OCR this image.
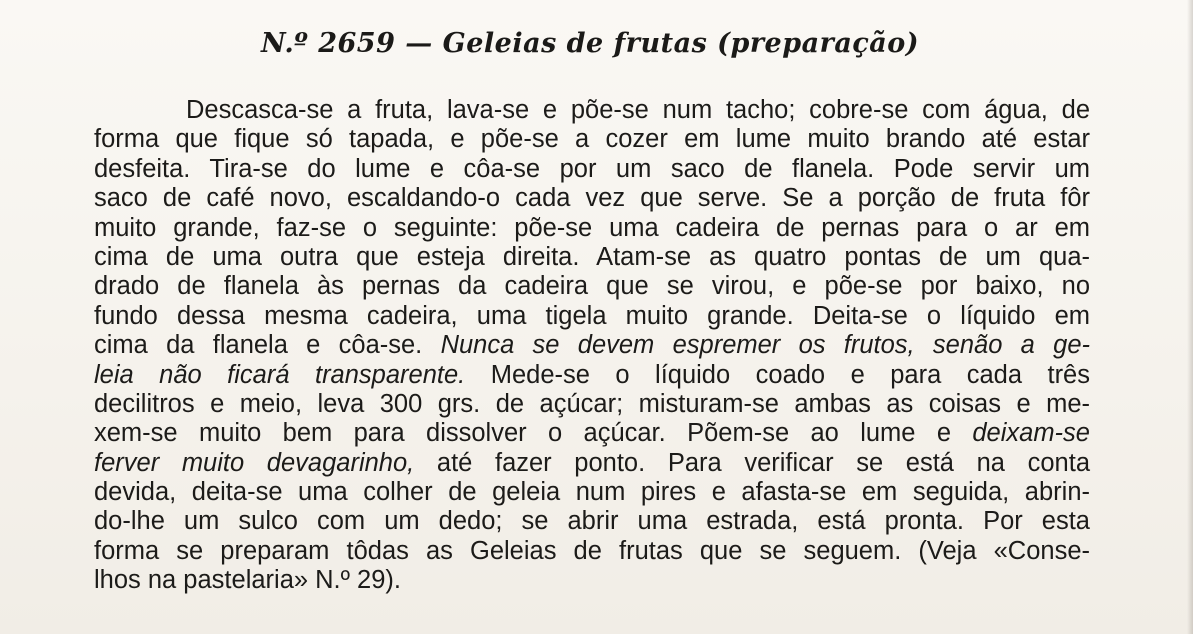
N.º 2659 — Geleias de frutas (preparação)
Descasca-se a fruta, lava-se e põe-se num tacho; cobre-se com água, de
forma que fique só tapada, e põe-se a cozer em lume muito brando até estar
desfeita. Tira-se do lume e côa-se por um saco de flanela. Pode servir um
saco de café novo, escaldando-o cada vez que serve. Se a porção de fruta fôr
muito grande, faz-se o seguinte: põe-se uma cadeira de pernas para o ar em
cima de uma outra que esteja direita. Atam-se as quatro pontas de um qua-
drado de flanela às pernas da cadeira que se virou, e põe-se por baixo, no
fundo dessa mesma cadeira, uma tigela muito grande. Deita-se o líquido em
cima da flanela e côa-se. Nunca se devem espremer os frutos, senão a ge-
leia não ficará transparente. Mede-se o líquido coado e para cada três
decilitros e meio, leva 300 grs. de açúcar; misturam-se ambas as coisas e me-
xem-se muito bem para dissolver o açúcar. Põem-se ao lume e deixam-se
ferver muito devagarinho, até fazer ponto. Para verificar se está na conta
devida, deita-se uma colher de geleia num pires e afasta-se em seguida, abrin-
do-lhe um sulco com um dedo; se abrir uma estrada, está pronta. Por esta
forma se preparam tôdas as Geleias de frutas que se seguem. (Veja «Conse-
lhos na pastelaria» N.º 29).
